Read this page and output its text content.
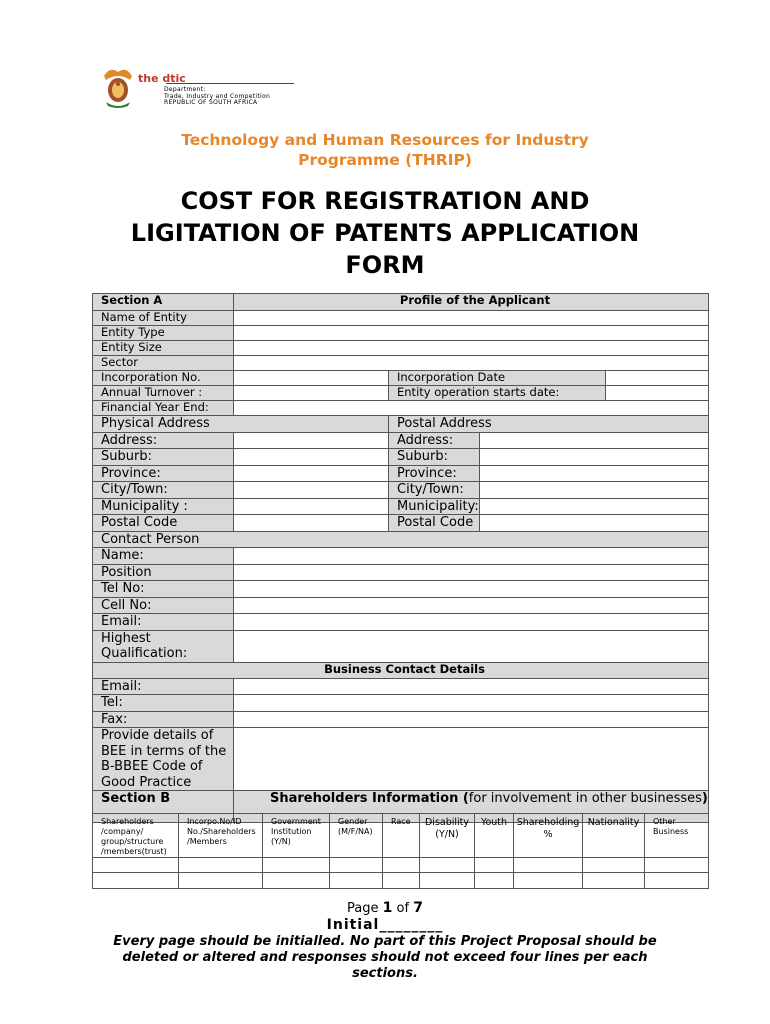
the dtic
Department:
Trade, Industry and Competition
REPUBLIC OF SOUTH AFRICA
Technology and Human Resources for Industry Programme (THRIP)
COST FOR REGISTRATION AND LIGITATION OF PATENTS APPLICATION FORM
Section A	Profile of the Applicant			
Name of Entity				
Entity Type				
Entity Size				
Sector				
Incorporation No.		Incorporation Date		
Annual Turnover :		Entity operation starts date:		
Financial Year End:				
Physical Address		Postal Address		
Address:		Address:		
Suburb:		Suburb:		
Province:		Province:		
City/Town:		City/Town:		
Municipality :		Municipality:		
Postal Code		Postal Code		
Contact Person				
Name:				
Position				
Tel No:				
Cell No:				
Email:				
Highest Qualification:				
Business Contact Details				
Email:				
Tel:				
Fax:				
Provide details of BEE in terms of the B-BBEE Code of Good Practice				
Section B	Shareholders Information (for involvement in other businesses)			
Shareholders /company/ group/structure /members(trust)	Incorpo.No/ID No./Shareholders /Members	Government Institution (Y/N)	Gender (M/F/NA)	Race	Disability (Y/N)	Youth	Shareholding %	Nationality	Other Business

Page 1 of 7
Initial________
Every page should be initialled. No part of this Project Proposal should be deleted or altered and responses should not exceed four lines per each sections.
